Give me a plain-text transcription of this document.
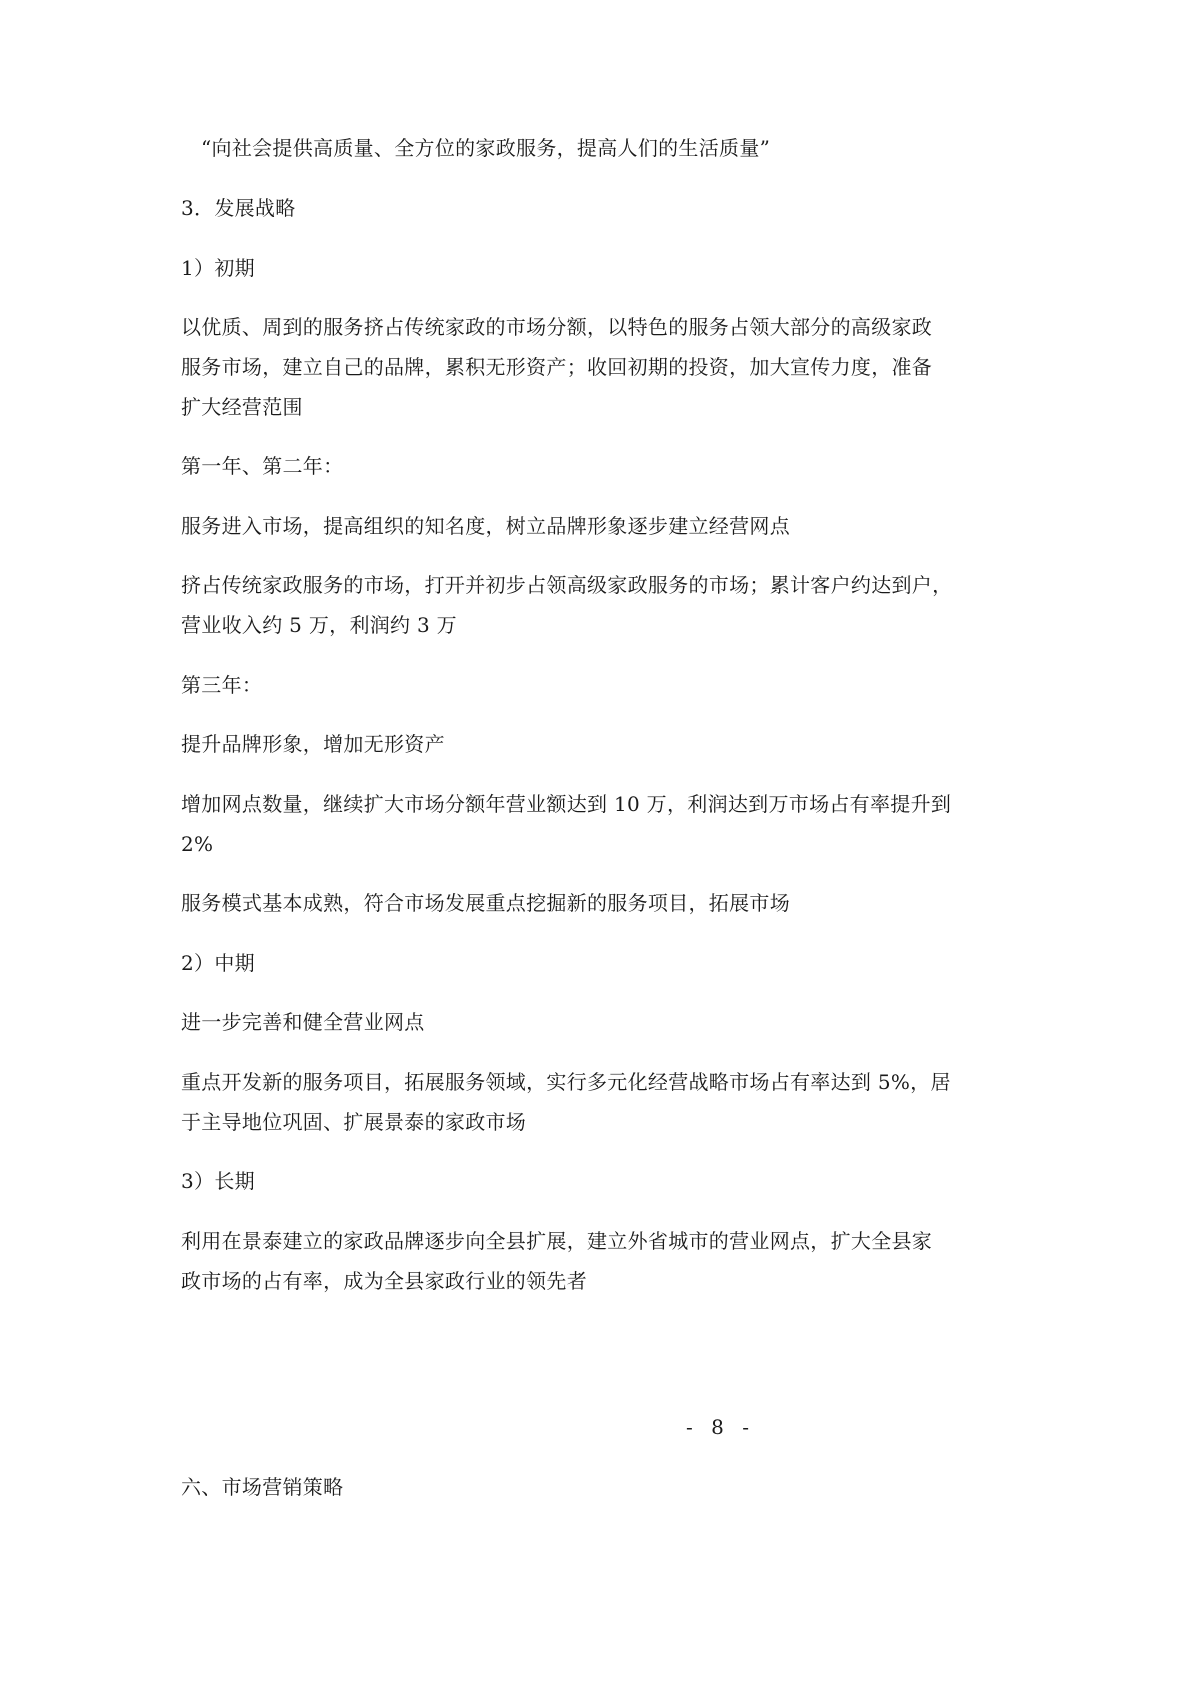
“向社会提供高质量、全方位的家政服务，提高人们的生活质量”
3．发展战略
1）初期
以优质、周到的服务挤占传统家政的市场分额，以特色的服务占领大部分的高级家政
服务市场，建立自己的品牌，累积无形资产；收回初期的投资，加大宣传力度，准备
扩大经营范围
第一年、第二年：
服务进入市场，提高组织的知名度，树立品牌形象逐步建立经营网点
挤占传统家政服务的市场，打开并初步占领高级家政服务的市场；累计客户约达到户，
营业收入约 5 万，利润约 3 万
第三年：
提升品牌形象，增加无形资产
增加网点数量，继续扩大市场分额年营业额达到 10 万，利润达到万市场占有率提升到
2%
服务模式基本成熟，符合市场发展重点挖掘新的服务项目，拓展市场
2）中期
进一步完善和健全营业网点
重点开发新的服务项目，拓展服务领域，实行多元化经营战略市场占有率达到 5%，居
于主导地位巩固、扩展景泰的家政市场
3）长期
利用在景泰建立的家政品牌逐步向全县扩展，建立外省城市的营业网点，扩大全县家
政市场的占有率，成为全县家政行业的领先者
- 8 -
六、市场营销策略
